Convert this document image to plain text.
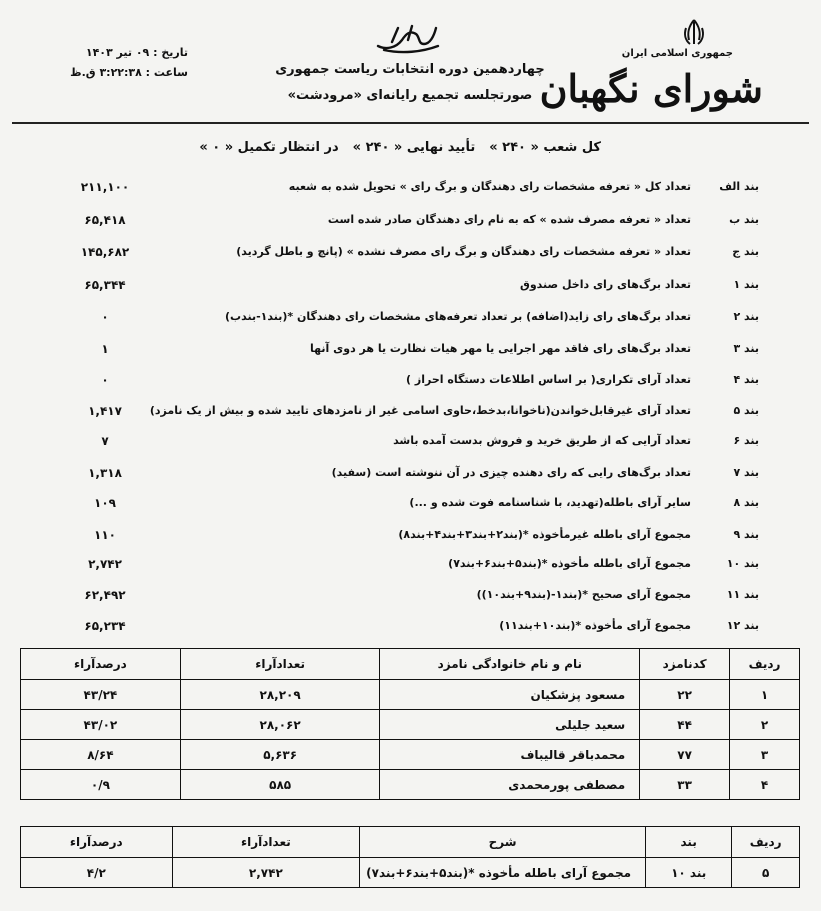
جمهوری اسلامی ایران
شورای نگهبان
چهاردهمین دوره انتخابات ریاست جمهوری
صورتجلسه تجمیع رایانه‌ای «مرودشت»
تاریخ : ۰۹ تیر ۱۴۰۳
ساعت : ۳:۲۲:۳۸ ق.ظ
کل شعب « ۲۴۰ »
تأیید نهایی « ۲۴۰ »
در انتظار تکمیل « ۰ »
بند الف
تعداد کل « تعرفه مشخصات رای دهندگان و برگ رای » تحویل شده به شعبه
۲۱۱,۱۰۰
بند ب
تعداد « تعرفه مصرف شده » که به نام رای دهندگان صادر شده است
۶۵,۴۱۸
بند ج
تعداد « تعرفه مشخصات رای دهندگان و برگ رای مصرف نشده » (پانچ و باطل گردید)
۱۴۵,۶۸۲
بند ۱
تعداد برگ‌های رای داخل صندوق
۶۵,۳۴۴
بند ۲
تعداد برگ‌های رای زاید(اضافه) بر تعداد تعرفه‌های مشخصات رای دهندگان *(بند۱-بندب)
۰
بند ۳
تعداد برگ‌های رای فاقد مهر اجرایی یا مهر هیات نظارت یا هر دوی آنها
۱
بند ۴
تعداد آرای تکراری( بر اساس اطلاعات دستگاه احراز )
۰
بند ۵
تعداد آرای غیرقابل‌خواندن(ناخوانا،بدخط،حاوی اسامی غیر از نامزدهای تایید شده و بیش از یک نامزد)
۱,۴۱۷
بند ۶
تعداد آرایی که از طریق خرید و فروش بدست آمده باشد
۷
بند ۷
تعداد برگ‌های رایی که رای دهنده چیزی در آن ننوشته است (سفید)
۱,۳۱۸
بند ۸
سایر آرای باطله(تهدید، با شناسنامه فوت شده و ...)
۱۰۹
بند ۹
مجموع آرای باطله غیرمأخوذه *(بند۲+بند۳+بند۴+بند۸)
۱۱۰
بند ۱۰
مجموع آرای باطله مأخوذه *(بند۵+بند۶+بند۷)
۲,۷۴۲
بند ۱۱
مجموع آرای صحیح *(بند۱-(بند۹+بند۱۰))
۶۲,۴۹۲
بند ۱۲
مجموع آرای مأخوذه *(بند۱۰+بند۱۱)
۶۵,۲۳۴
ردیف	کدنامزد	نام و نام خانوادگی نامزد	تعدادآراء	درصدآراء
۱	۲۲	مسعود پزشکیان	۲۸,۲۰۹	۴۳/۲۴
۲	۴۴	سعید جلیلی	۲۸,۰۶۲	۴۳/۰۲
۳	۷۷	محمدباقر قالیباف	۵,۶۳۶	۸/۶۴
۴	۳۳	مصطفی پورمحمدی	۵۸۵	۰/۹
ردیف	بند	شرح	تعدادآراء	درصدآراء
۵	بند ۱۰	مجموع آرای باطله مأخوذه *(بند۵+بند۶+بند۷)	۲,۷۴۲	۴/۲
